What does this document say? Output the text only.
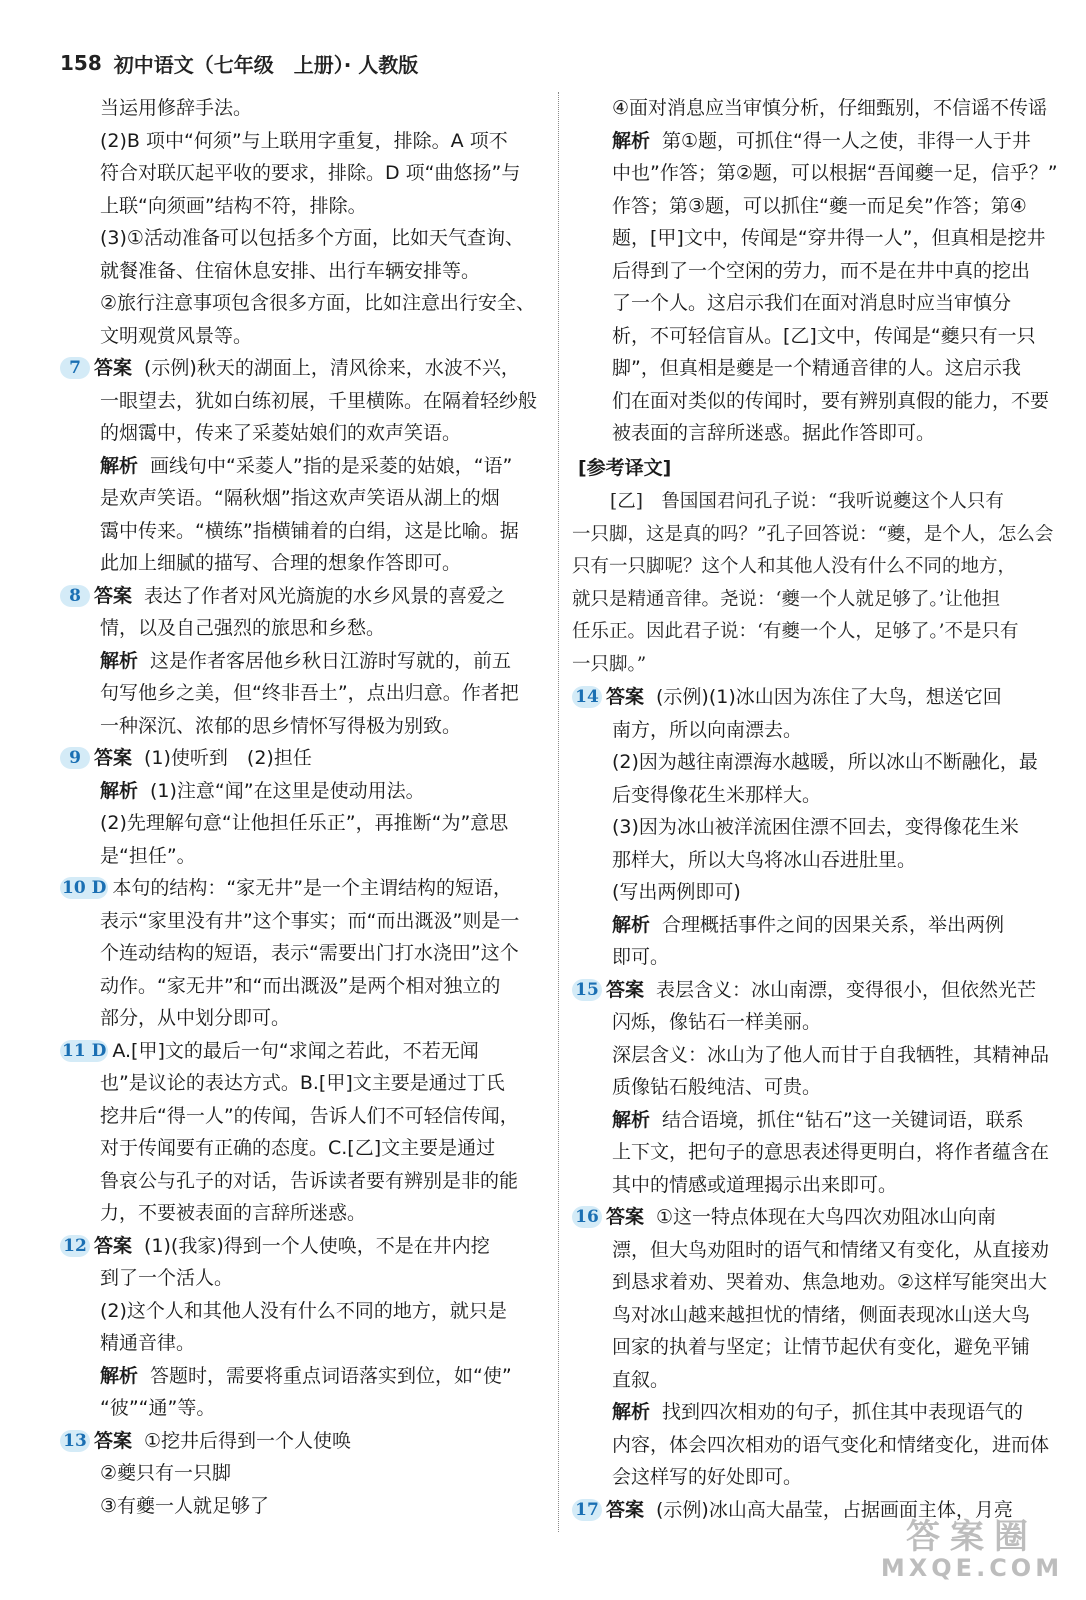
158 初中语文（七年级　上册）· 人教版

当运用修辞手法。

(2)B 项中“何须”与上联用字重复，排除。A 项不

符合对联仄起平收的要求，排除。D 项“曲悠扬”与

上联“向须画”结构不符，排除。

(3)①活动准备可以包括多个方面，比如天气查询、

就餐准备、住宿休息安排、出行车辆安排等。

②旅行注意事项包含很多方面，比如注意出行安全、

文明观赏风景等。

7 答案 (示例)秋天的湖面上，清风徐来，水波不兴，

一眼望去，犹如白练初展，千里横陈。在隔着轻纱般

的烟霭中，传来了采菱姑娘们的欢声笑语。

解析 画线句中“采菱人”指的是采菱的姑娘，“语”

是欢声笑语。“隔秋烟”指这欢声笑语从湖上的烟

霭中传来。“横练”指横铺着的白绢，这是比喻。据

此加上细腻的描写、合理的想象作答即可。

8 答案 表达了作者对风光旖旎的水乡风景的喜爱之

情，以及自己强烈的旅思和乡愁。

解析 这是作者客居他乡秋日江游时写就的，前五

句写他乡之美，但“终非吾土”，点出归意。作者把

一种深沉、浓郁的思乡情怀写得极为别致。

9 答案 (1)使听到　(2)担任

解析 (1)注意“闻”在这里是使动用法。

(2)先理解句意“让他担任乐正”，再推断“为”意思

是“担任”。

10 D 本句的结构：“家无井”是一个主谓结构的短语，

表示“家里没有井”这个事实；而“而出溉汲”则是一

个连动结构的短语，表示“需要出门打水浇田”这个

动作。“家无井”和“而出溉汲”是两个相对独立的

部分，从中划分即可。

11 D A.[甲]文的最后一句“求闻之若此，不若无闻

也”是议论的表达方式。B.[甲]文主要是通过丁氏

挖井后“得一人”的传闻，告诉人们不可轻信传闻，

对于传闻要有正确的态度。C.[乙]文主要是通过

鲁哀公与孔子的对话，告诉读者要有辨别是非的能

力，不要被表面的言辞所迷惑。

12 答案 (1)(我家)得到一个人使唤，不是在井内挖

到了一个活人。

(2)这个人和其他人没有什么不同的地方，就只是

精通音律。

解析 答题时，需要将重点词语落实到位，如“使”

“彼”“通”等。

13 答案 ①挖井后得到一个人使唤

②夔只有一只脚

③有夔一人就足够了

④面对消息应当审慎分析，仔细甄别，不信谣不传谣

解析 第①题，可抓住“得一人之使，非得一人于井

中也”作答；第②题，可以根据“吾闻夔一足，信乎？”

作答；第③题，可以抓住“夔一而足矣”作答；第④

题，[甲]文中，传闻是“穿井得一人”，但真相是挖井

后得到了一个空闲的劳力，而不是在井中真的挖出

了一个人。这启示我们在面对消息时应当审慎分

析，不可轻信盲从。[乙]文中，传闻是“夔只有一只

脚”，但真相是夔是一个精通音律的人。这启示我

们在面对类似的传闻时，要有辨别真假的能力，不要

被表面的言辞所迷惑。据此作答即可。

[参考译文]

[乙]　鲁国国君问孔子说：“我听说夔这个人只有

一只脚，这是真的吗？”孔子回答说：“夔，是个人，怎么会

只有一只脚呢？这个人和其他人没有什么不同的地方，

就只是精通音律。尧说：‘夔一个人就足够了。’让他担

任乐正。因此君子说：‘有夔一个人，足够了。’不是只有

一只脚。”

14 答案 (示例)(1)冰山因为冻住了大鸟，想送它回

南方，所以向南漂去。

(2)因为越往南漂海水越暖，所以冰山不断融化，最

后变得像花生米那样大。

(3)因为冰山被洋流困住漂不回去，变得像花生米

那样大，所以大鸟将冰山吞进肚里。

(写出两例即可)

解析 合理概括事件之间的因果关系，举出两例

即可。

15 答案 表层含义：冰山南漂，变得很小，但依然光芒

闪烁，像钻石一样美丽。

深层含义：冰山为了他人而甘于自我牺牲，其精神品

质像钻石般纯洁、可贵。

解析 结合语境，抓住“钻石”这一关键词语，联系

上下文，把句子的意思表述得更明白，将作者蕴含在

其中的情感或道理揭示出来即可。

16 答案 ①这一特点体现在大鸟四次劝阻冰山向南

漂，但大鸟劝阻时的语气和情绪又有变化，从直接劝

到恳求着劝、哭着劝、焦急地劝。②这样写能突出大

鸟对冰山越来越担忧的情绪，侧面表现冰山送大鸟

回家的执着与坚定；让情节起伏有变化，避免平铺

直叙。

解析 找到四次相劝的句子，抓住其中表现语气的

内容，体会四次相劝的语气变化和情绪变化，进而体

会这样写的好处即可。

17 答案 (示例)冰山高大晶莹，占据画面主体，月亮

答案圈
MXQE.COM
